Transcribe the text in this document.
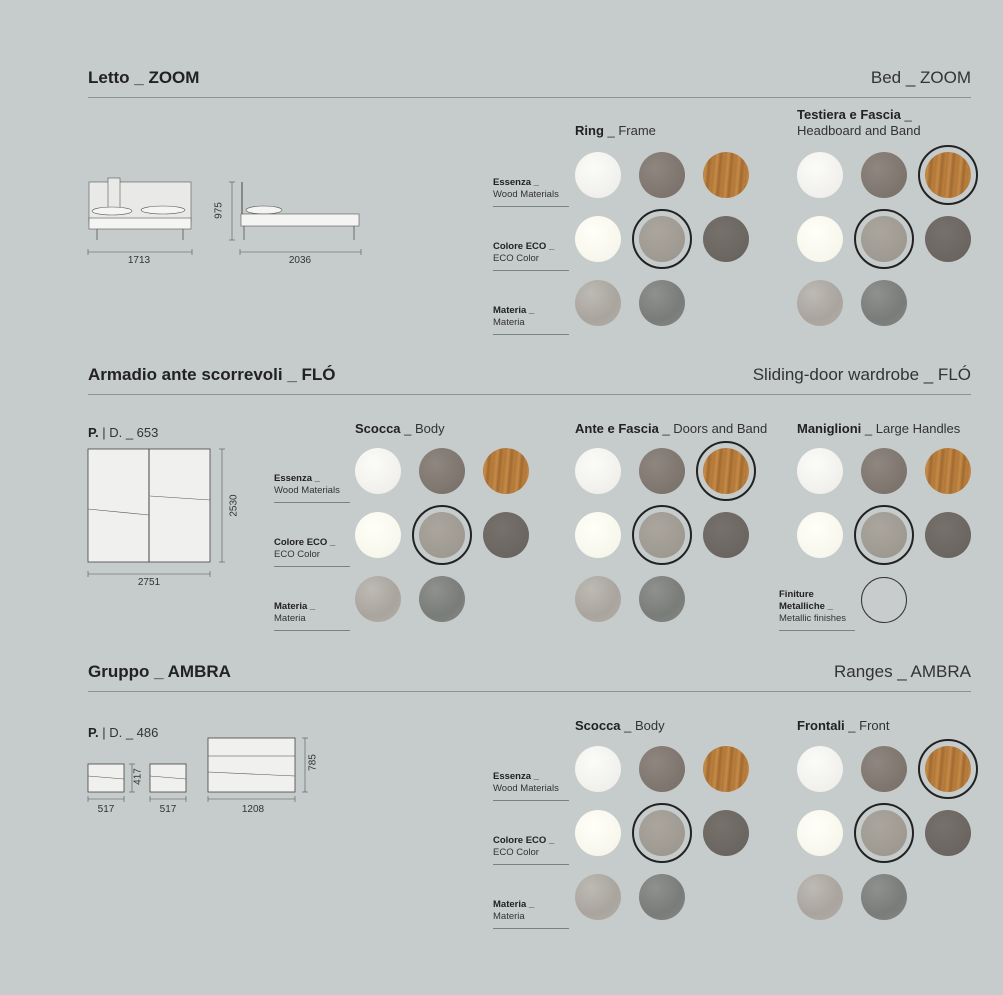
Letto _ ZOOM	Bed _ ZOOM
1713
975
2036
Ring _ Frame
Testiera e Fascia _
Headboard and Band
Essenza _
Wood Materials
Colore ECO _
ECO Color
Materia _
Materia
Armadio ante scorrevoli _ FLÓ	Sliding-door wardrobe _ FLÓ
P. | D. _ 653
2751
2530
Scocca _ Body	Ante e Fascia _ Doors and Band Maniglioni _ Large Handles
Essenza _
Wood Materials
Colore ECO _
ECO Color
Materia _
Materia
Finiture
Metalliche _
Metallic finishes
Gruppo _ AMBRA	Ranges _ AMBRA
P. | D. _ 486
517	517
417
1208
785
Scocca _ Body	Frontali _ Front
Essenza _
Wood Materials
Colore ECO _
ECO Color
Materia _
Materia
